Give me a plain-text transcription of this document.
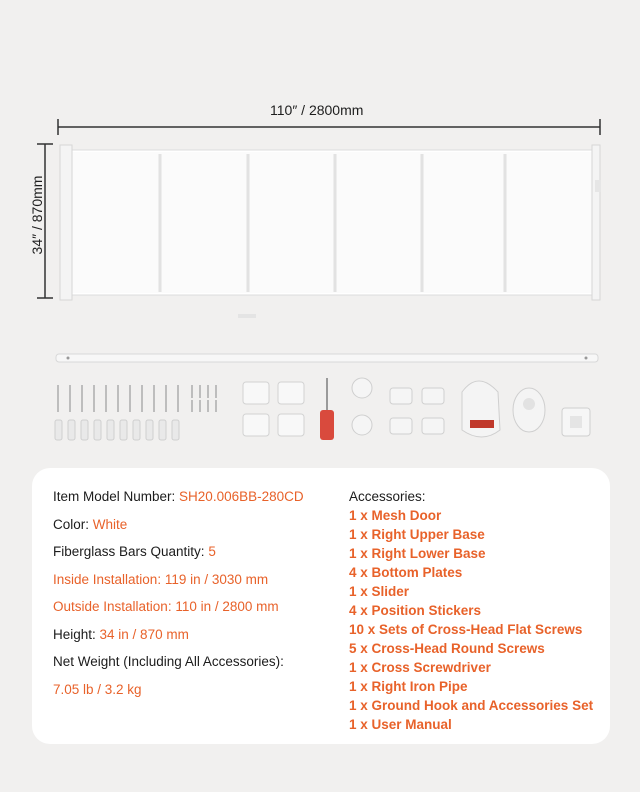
110″ / 2800mm
34″ / 870mm
Item Model Number: SH20.006BB-280CD
Color: White
Fiberglass Bars Quantity: 5
Inside Installation: 119 in / 3030 mm
Outside Installation: 110 in / 2800 mm
Height: 34 in / 870 mm
Net Weight (Including All Accessories):
7.05 lb / 3.2 kg
Accessories:
1 x Mesh Door
1 x Right Upper Base
1 x Right Lower Base
4 x Bottom Plates
1 x Slider
4 x Position Stickers
10 x Sets of Cross-Head Flat Screws
5 x Cross-Head Round Screws
1 x Cross Screwdriver
1 x Right Iron Pipe
1 x Ground Hook and Accessories Set
1 x User Manual
